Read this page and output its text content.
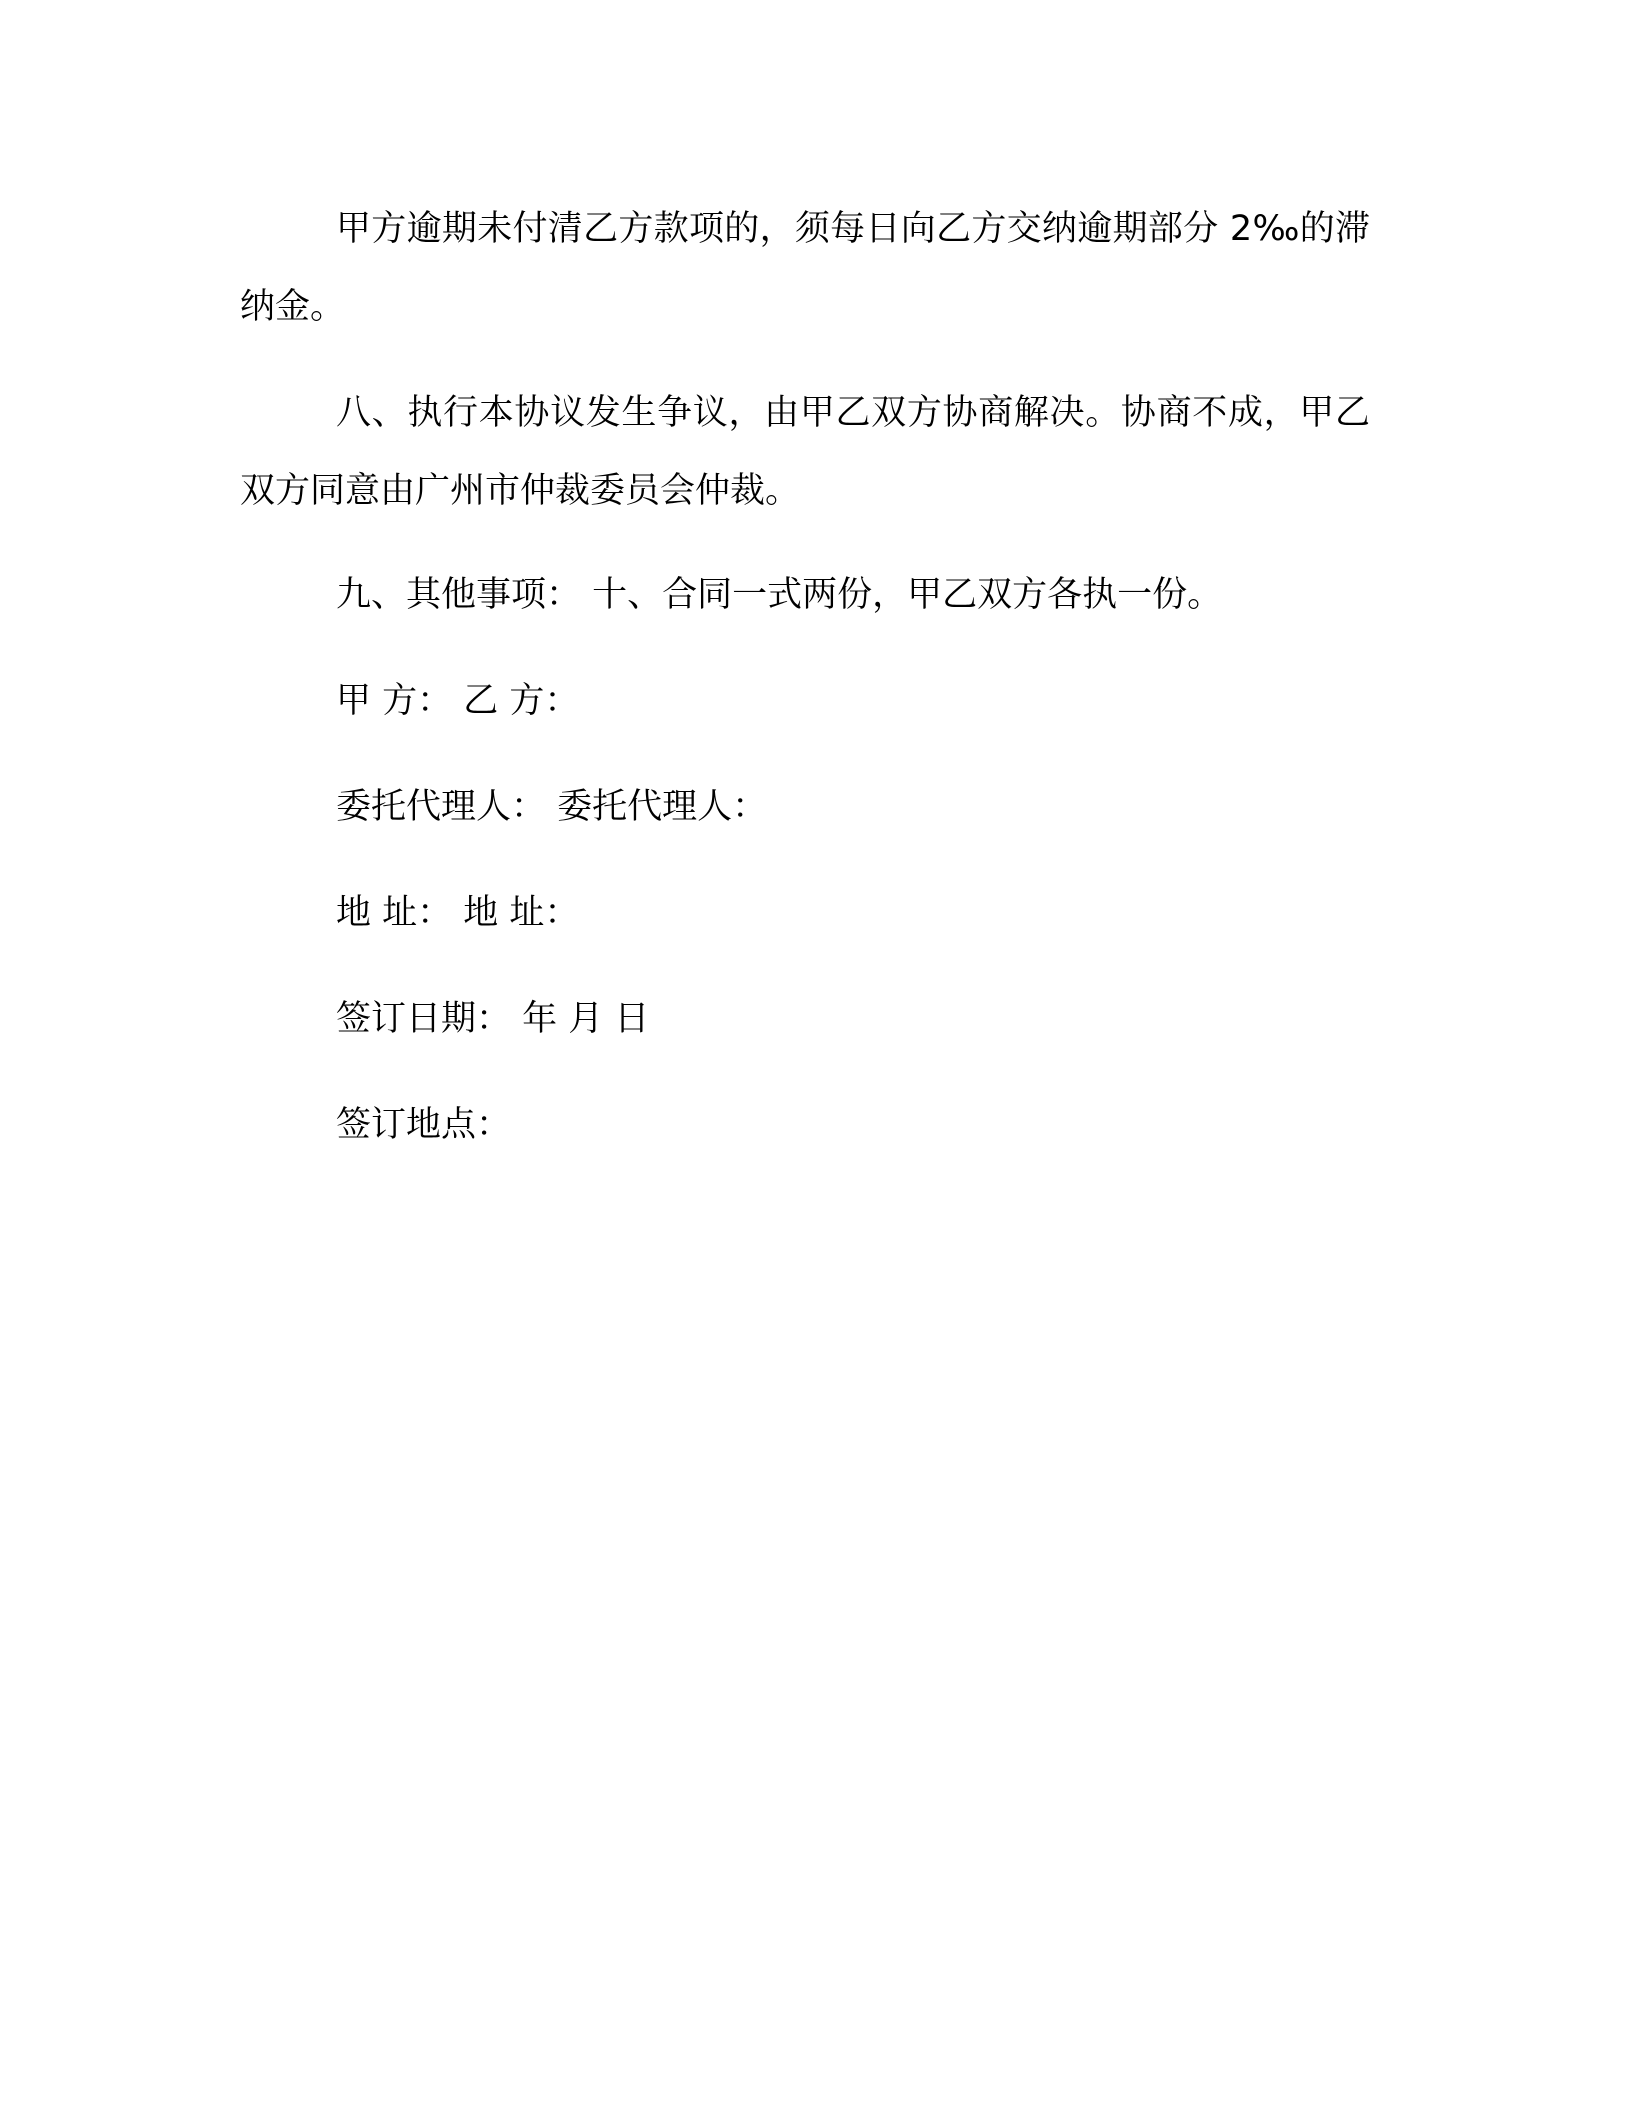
甲方逾期未付清乙方款项的，须每日向乙方交纳逾期部分 2‰的滞纳金。

八、执行本协议发生争议，由甲乙双方协商解决。协商不成，甲乙双方同意由广州市仲裁委员会仲裁。

九、其他事项： 十、合同一式两份，甲乙双方各执一份。

甲 方： 乙 方：

委托代理人： 委托代理人：

地 址： 地 址：

签订日期： 年 月 日

签订地点：
